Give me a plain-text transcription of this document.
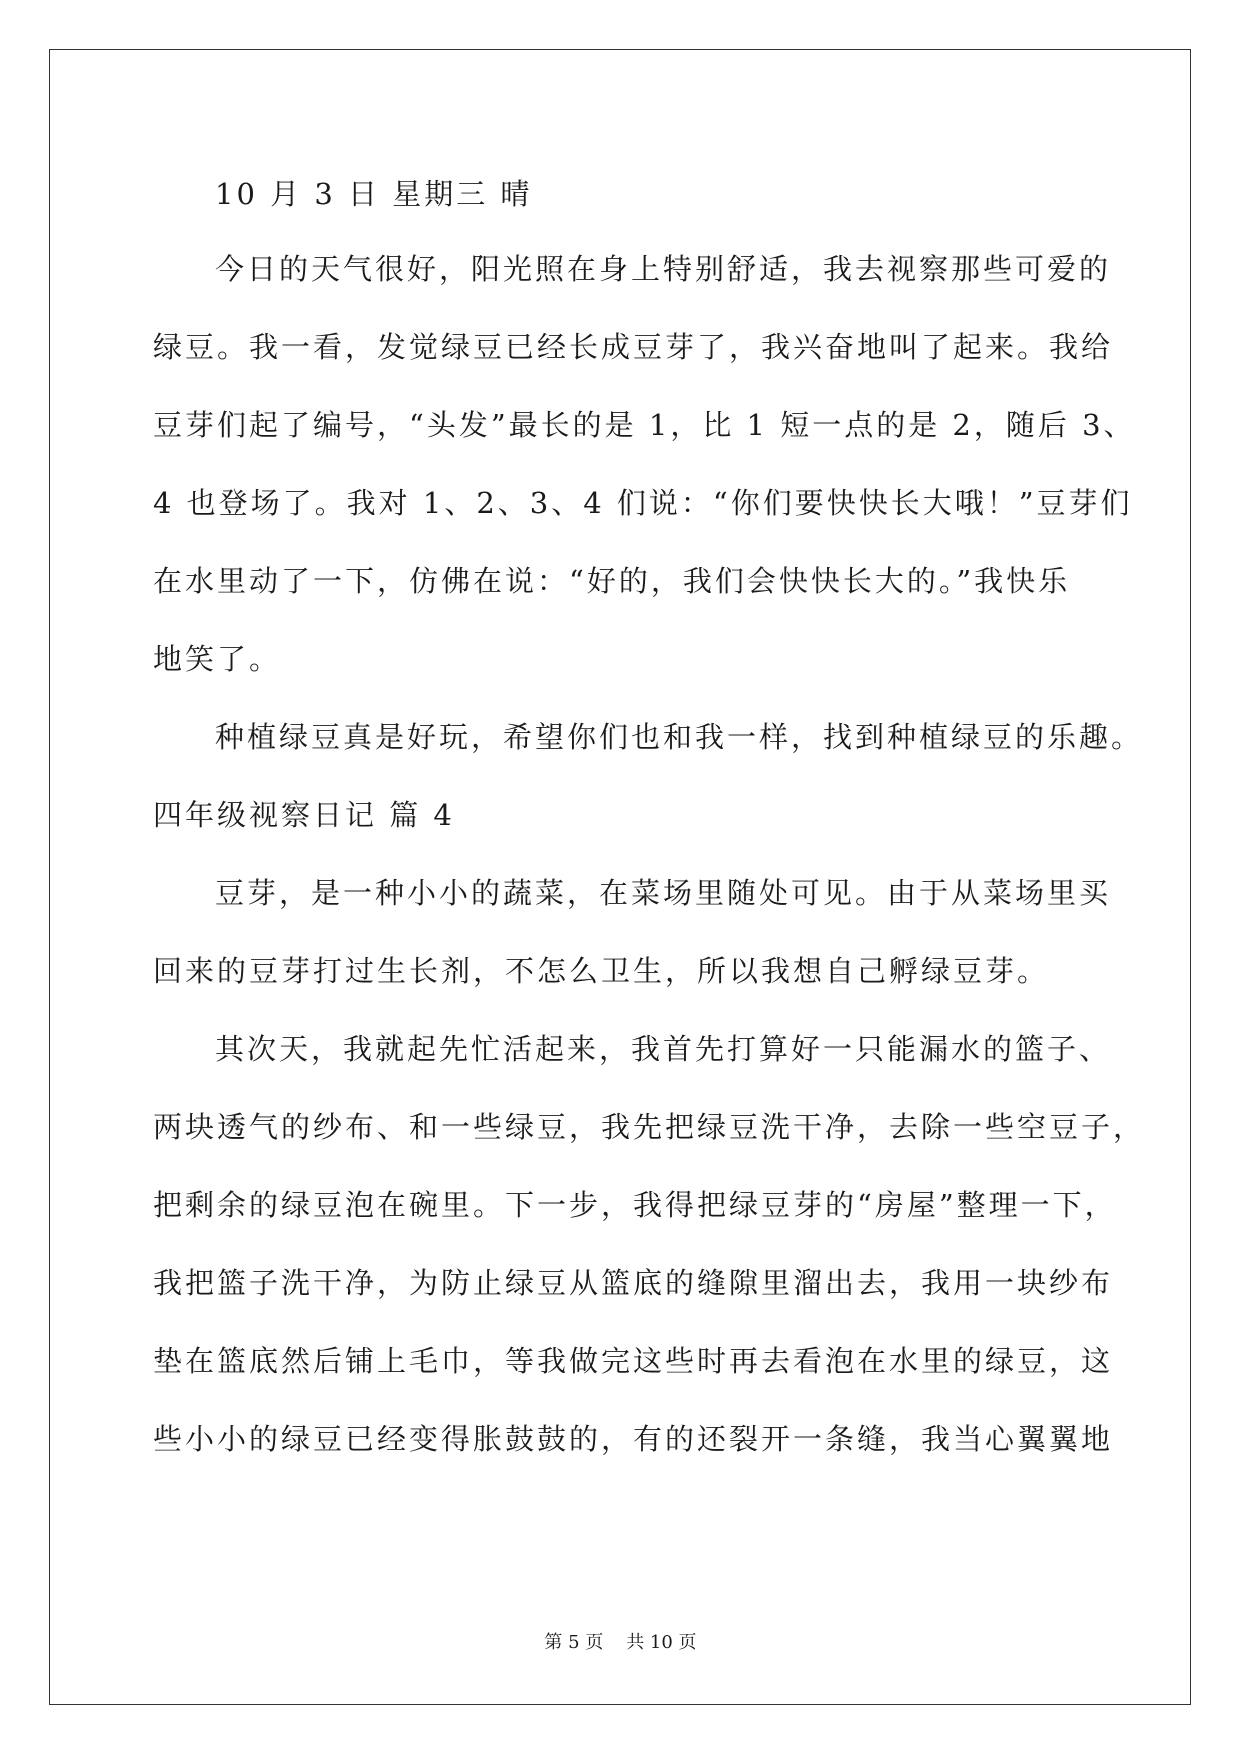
10 月 3 日 星期三 晴
今日的天气很好，阳光照在身上特别舒适，我去视察那些可爱的
绿豆。我一看，发觉绿豆已经长成豆芽了，我兴奋地叫了起来。我给
豆芽们起了编号，“头发”最长的是 1，比 1 短一点的是 2，随后 3、
4 也登场了。我对 1、2、3、4 们说：“你们要快快长大哦！”豆芽们
在水里动了一下，仿佛在说：“好的，我们会快快长大的。”我快乐
地笑了。
种植绿豆真是好玩，希望你们也和我一样，找到种植绿豆的乐趣。
四年级视察日记 篇 4
豆芽，是一种小小的蔬菜，在菜场里随处可见。由于从菜场里买
回来的豆芽打过生长剂，不怎么卫生，所以我想自己孵绿豆芽。
其次天，我就起先忙活起来，我首先打算好一只能漏水的篮子、
两块透气的纱布、和一些绿豆，我先把绿豆洗干净，去除一些空豆子，
把剩余的绿豆泡在碗里。下一步，我得把绿豆芽的“房屋”整理一下，
我把篮子洗干净，为防止绿豆从篮底的缝隙里溜出去，我用一块纱布
垫在篮底然后铺上毛巾，等我做完这些时再去看泡在水里的绿豆，这
些小小的绿豆已经变得胀鼓鼓的，有的还裂开一条缝，我当心翼翼地
第 5 页    共 10 页
